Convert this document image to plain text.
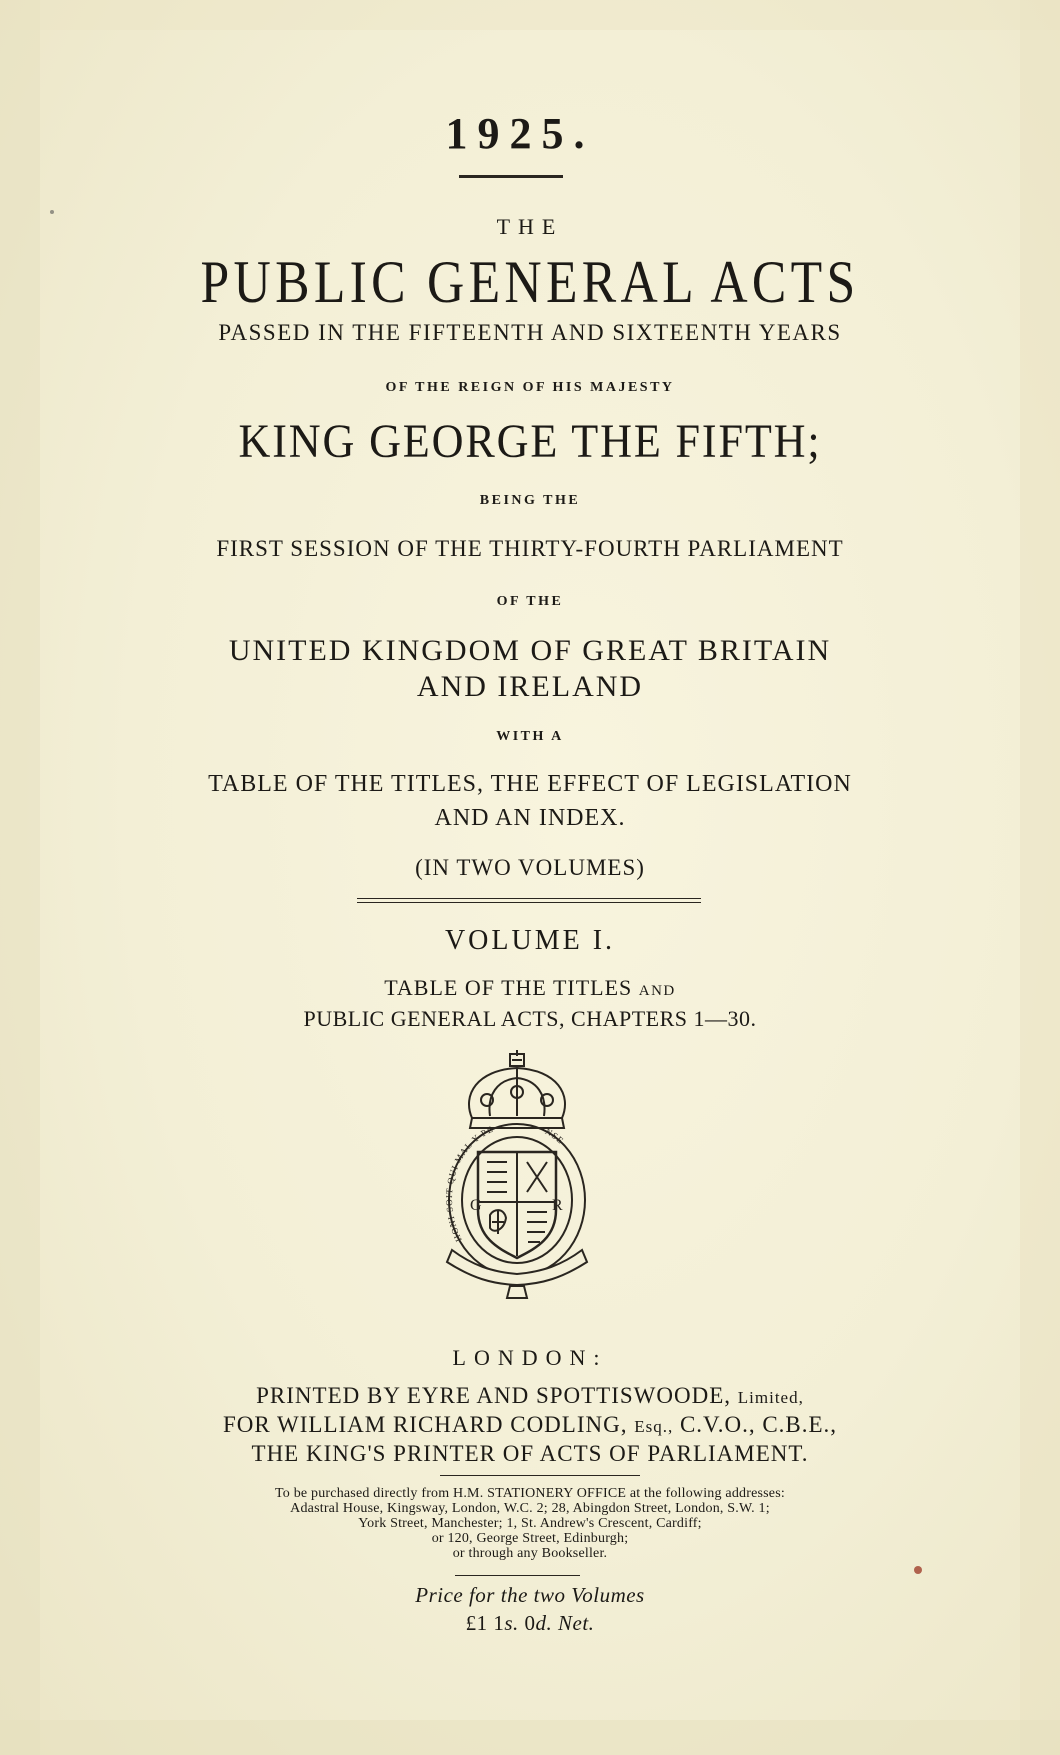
1925.
THE
PUBLIC GENERAL ACTS
PASSED IN THE FIFTEENTH AND SIXTEENTH YEARS
OF THE REIGN OF HIS MAJESTY
KING GEORGE THE FIFTH;
BEING THE
FIRST SESSION OF THE THIRTY-FOURTH PARLIAMENT
OF THE
UNITED KINGDOM OF GREAT BRITAIN
AND IRELAND
WITH A
TABLE OF THE TITLES, THE EFFECT OF LEGISLATION
AND AN INDEX.
(IN TWO VOLUMES)
VOLUME I.
TABLE OF THE TITLES AND
PUBLIC GENERAL ACTS, CHAPTERS 1—30.
G	R
HONI SOIT QUI MAL Y PENSE
LONDON:
PRINTED BY EYRE AND SPOTTISWOODE, Limited,
FOR WILLIAM RICHARD CODLING, Esq., C.V.O., C.B.E.,
THE KING'S PRINTER OF ACTS OF PARLIAMENT.
To be purchased directly from H.M. STATIONERY OFFICE at the following addresses:
Adastral House, Kingsway, London, W.C. 2; 28, Abingdon Street, London, S.W. 1;
York Street, Manchester; 1, St. Andrew's Crescent, Cardiff;
or 120, George Street, Edinburgh;
or through any Bookseller.
Price for the two Volumes
£1 1s. 0d. Net.
